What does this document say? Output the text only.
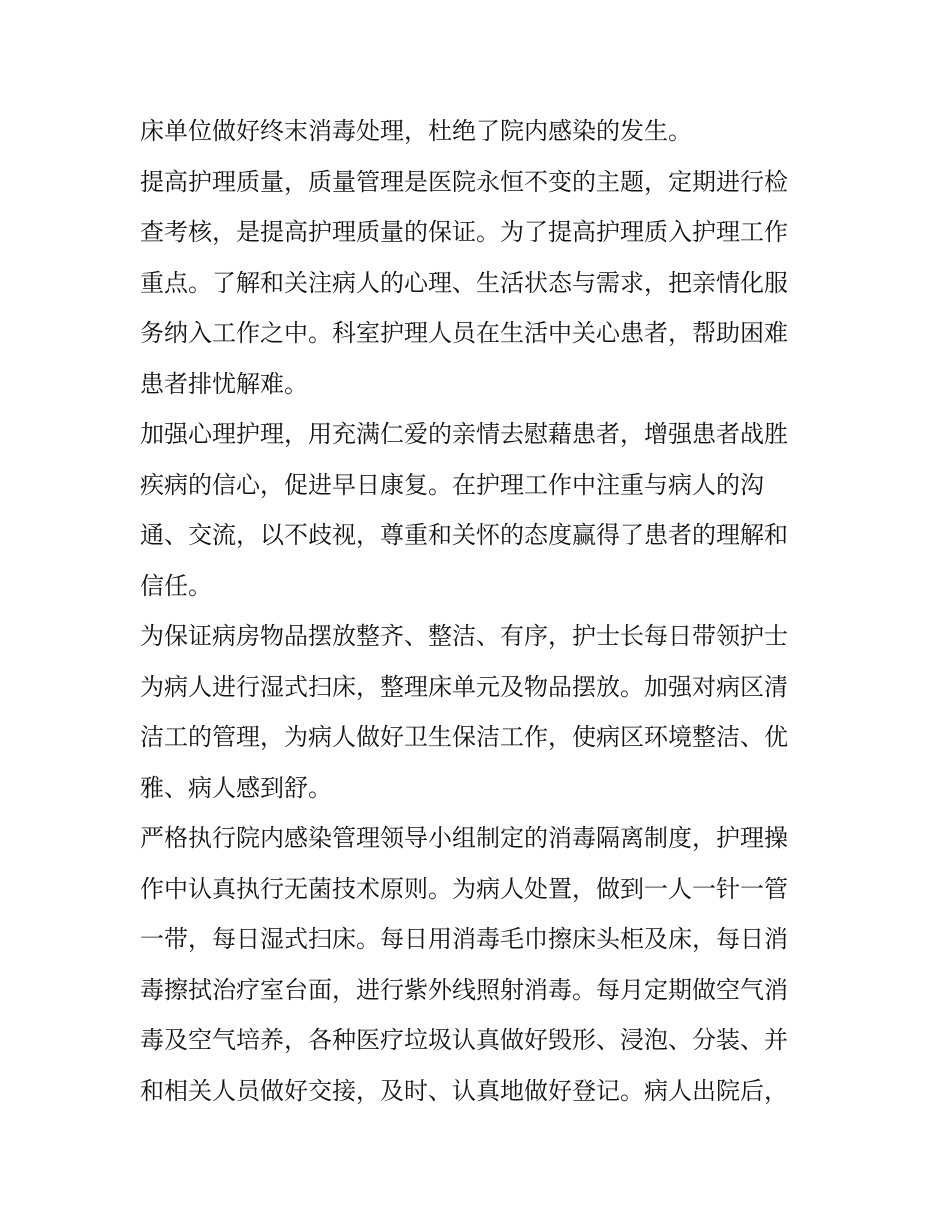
床单位做好终末消毒处理，杜绝了院内感染的发生。
提高护理质量，质量管理是医院永恒不变的主题，定期进行检
查考核，是提高护理质量的保证。为了提高护理质入护理工作
重点。了解和关注病人的心理、生活状态与需求，把亲情化服
务纳入工作之中。科室护理人员在生活中关心患者，帮助困难
患者排忧解难。
加强心理护理，用充满仁爱的亲情去慰藉患者，增强患者战胜
疾病的信心，促进早日康复。在护理工作中注重与病人的沟
通、交流，以不歧视，尊重和关怀的态度赢得了患者的理解和
信任。
为保证病房物品摆放整齐、整洁、有序，护士长每日带领护士
为病人进行湿式扫床，整理床单元及物品摆放。加强对病区清
洁工的管理，为病人做好卫生保洁工作，使病区环境整洁、优
雅、病人感到舒。
严格执行院内感染管理领导小组制定的消毒隔离制度，护理操
作中认真执行无菌技术原则。为病人处置，做到一人一针一管
一带，每日湿式扫床。每日用消毒毛巾擦床头柜及床，每日消
毒擦拭治疗室台面，进行紫外线照射消毒。每月定期做空气消
毒及空气培养，各种医疗垃圾认真做好毁形、浸泡、分装、并
和相关人员做好交接，及时、认真地做好登记。病人出院后，
